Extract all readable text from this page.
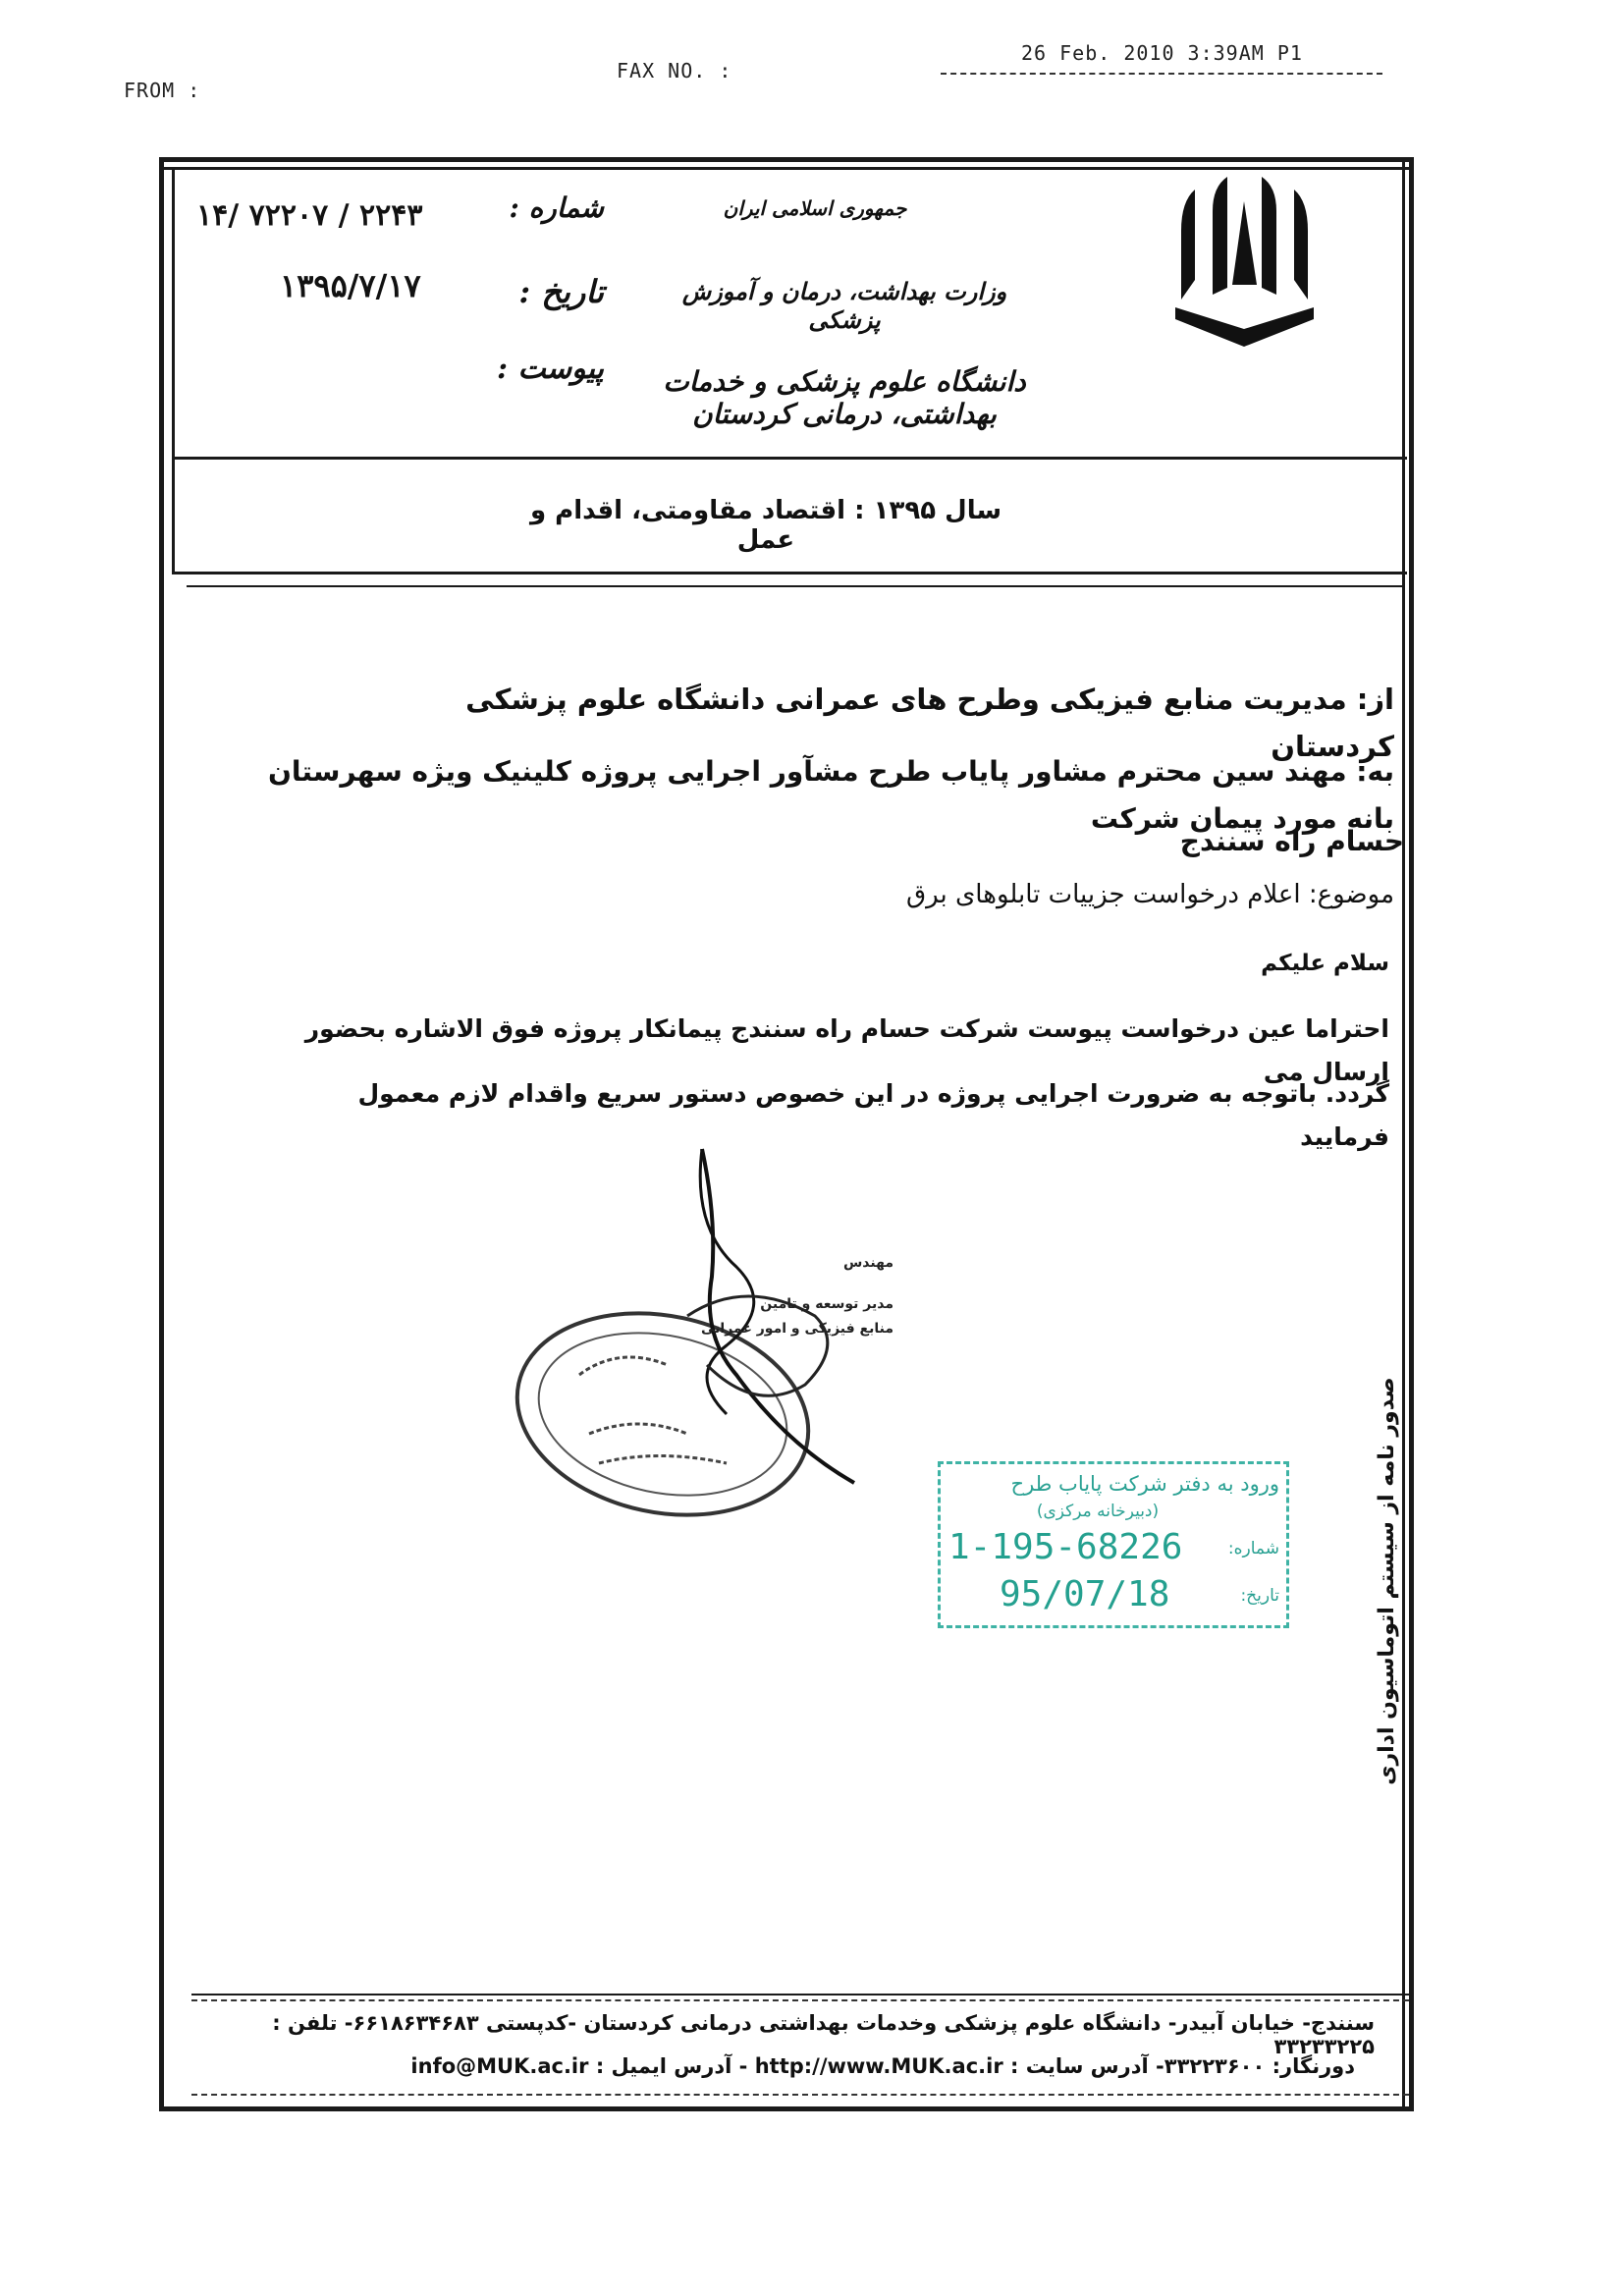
FROM :
FAX NO. :
26 Feb. 2010 3:39AM P1
جمهوری اسلامی ایران
وزارت بهداشت، درمان و آموزش پزشکی
دانشگاه علوم پزشکی و خدمات بهداشتی، درمانی کردستان
شماره :
تاریخ :
پیوست :
۱۴/ ۷۲۲۰۷ / ۲۲۴۳
۱۳۹۵/۷/۱۷
سال ۱۳۹۵ : اقتصاد مقاومتی، اقدام و عمل
از: مدیریت منابع فیزیکی وطرح های عمرانی دانشگاه علوم پزشکی کردستان
به: مهند سین محترم مشاور پایاب طرح مشآور اجرایی پروژه کلینیک ویژه سهرستان بانه مورد پیمان شرکت
حسام راه سنندج
موضوع: اعلام درخواست جزییات تابلوهای برق
سلام علیکم
احتراما عین درخواست پیوست شرکت حسام راه سنندج پیمانکار پروژه فوق الاشاره بحضور ارسال می
گردد. باتوجه به ضرورت اجرایی پروژه در این خصوص دستور سریع واقدام لازم معمول فرمایید
مهندس
مدیر توسعه و تامین
منابع فیزیکی و امور عمرانی
ورود به دفتر شرکت پایاب طرح
(دبیرخانه مرکزی)
شماره:
1-195-68226
تاریخ:
95/07/18	صدور نامه از سیستم اتوماسیون اداری
سنندج- خیابان آبیدر- دانشگاه علوم پزشکی وخدمات بهداشتی درمانی کردستان -کدپستی ۶۶۱۸۶۳۴۶۸۳- تلفن : ۳۳۲۳۳۲۲۵
دورنگار: ۳۳۲۲۳۶۰۰- آدرس سایت : http://www.MUK.ac.ir - آدرس ایمیل : info@MUK.ac.ir
